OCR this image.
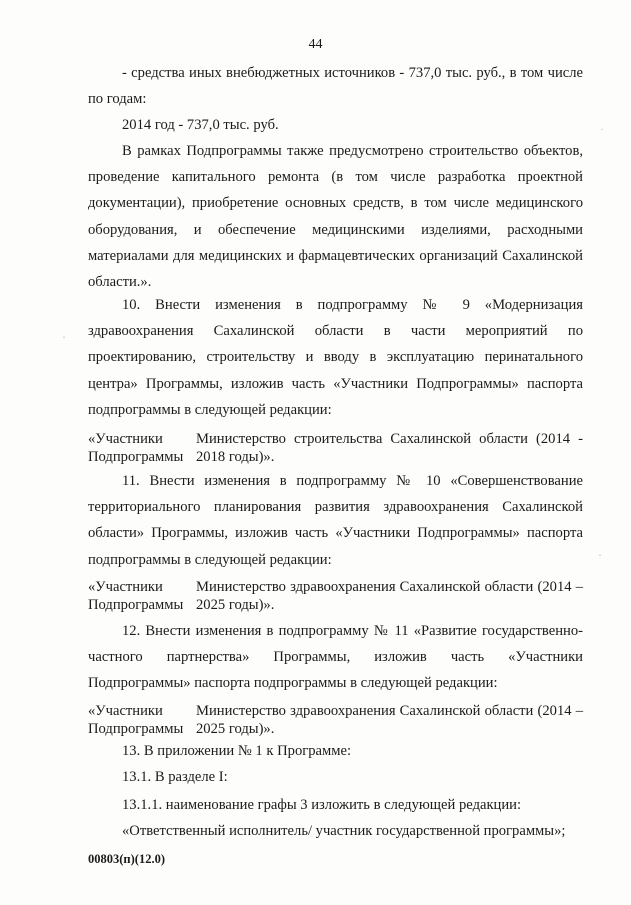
44
- средства иных внебюджетных источников - 737,0 тыс. руб., в том числе по годам:
2014 год - 737,0 тыс. руб.
В рамках Подпрограммы также предусмотрено строительство объектов, проведение капитального ремонта (в том числе разработка проектной документации), приобретение основных средств, в том числе медицинского оборудования, и обеспечение медицинскими изделиями, расходными материалами для медицинских и фармацевтических организаций Сахалинской области.».
10. Внести изменения в подпрограмму № 9 «Модернизация здравоохранения Сахалинской области в части мероприятий по проектированию, строительству и вводу в эксплуатацию перинатального центра» Программы, изложив часть «Участники Подпрограммы» паспорта подпрограммы в следующей редакции:
«Участники Подпрограммы
Министерство строительства Сахалинской области (2014 - 2018 годы)».
11. Внести изменения в подпрограмму № 10 «Совершенствование территориального планирования развития здравоохранения Сахалинской области» Программы, изложив часть «Участники Подпрограммы» паспорта подпрограммы в следующей редакции:
«Участники Подпрограммы
Министерство здравоохранения Сахалинской области (2014 – 2025 годы)».
12. Внести изменения в подпрограмму № 11 «Развитие государственно-частного партнерства» Программы, изложив часть «Участники Подпрограммы» паспорта подпрограммы в следующей редакции:
«Участники Подпрограммы
Министерство здравоохранения Сахалинской области (2014 – 2025 годы)».
13. В приложении № 1 к Программе:
13.1. В разделе I:
13.1.1. наименование графы 3 изложить в следующей редакции:
«Ответственный исполнитель/ участник государственной программы»;
00803(п)(12.0)
·
·
·
